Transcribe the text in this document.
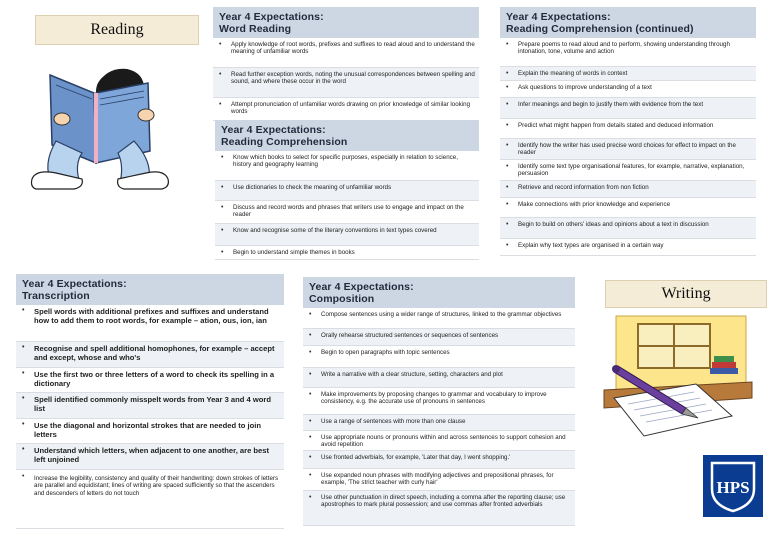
Reading
Year 4 Expectations:
Word Reading
• Apply knowledge of root words, prefixes and suffixes to read aloud and to understand the meaning of unfamiliar words
• Read further exception words, noting the unusual correspondences between spelling and sound, and where these occur in the word
• Attempt pronunciation of unfamiliar words drawing on prior knowledge of similar looking words
Year 4 Expectations:
Reading Comprehension
• Know which books to select for specific purposes, especially in relation to science, history and geography learning
• Use dictionaries to check the meaning of unfamiliar words
• Discuss and record words and phrases that writers use to engage and impact on the reader
• Know and recognise some of the literary conventions in text types covered
• Begin to understand simple themes in books
Year 4 Expectations:
Reading Comprehension (continued)
• Prepare poems to read aloud and to perform, showing understanding through intonation, tone, volume and action
• Explain the meaning of words in context
• Ask questions to improve understanding of a text
• Infer meanings and begin to justify them with evidence from the text
• Predict what might happen from details stated and deduced information
• Identify how the writer has used precise word choices for effect to impact on the reader
• Identify some text type organisational features, for example, narrative, explanation, persuasion
• Retrieve and record information from non fiction
• Make connections with prior knowledge and experience
• Begin to build on others' ideas and opinions about a text in discussion
• Explain why text types are organised in a certain way
Year 4 Expectations:
Transcription
• Spell words with additional prefixes and suffixes and understand how to add them to root words, for example – ation, ous, ion, ian
• Recognise and spell additional homophones, for example – accept and except, whose and who's
• Use the first two or three letters of a word to check its spelling in a dictionary
• Spell identified commonly misspelt words from Year 3 and 4 word list
• Use the diagonal and horizontal strokes that are needed to join letters
• Understand which letters, when adjacent to one another, are best left unjoined
• Increase the legibility, consistency and quality of their handwriting: down strokes of letters are parallel and equidistant; lines of writing are spaced sufficiently so that the ascenders and descenders of letters do not touch
Year 4 Expectations:
Composition
• Compose sentences using a wider range of structures, linked to the grammar objectives
• Orally rehearse structured sentences or sequences of sentences
• Begin to open paragraphs with topic sentences
• Write a narrative with a clear structure, setting, characters and plot
• Make improvements by proposing changes to grammar and vocabulary to improve consistency, e.g. the accurate use of pronouns in sentences
• Use a range of sentences with more than one clause
• Use appropriate nouns or pronouns within and across sentences to support cohesion and avoid repetition
• Use fronted adverbials, for example, 'Later that day, I went shopping.'
• Use expanded noun phrases with modifying adjectives and prepositional phrases, for example, 'The strict teacher with curly hair'
• Use other punctuation in direct speech, including a comma after the reporting clause; use apostrophes to mark plural possession; and use commas after fronted adverbials
Writing
HPS
